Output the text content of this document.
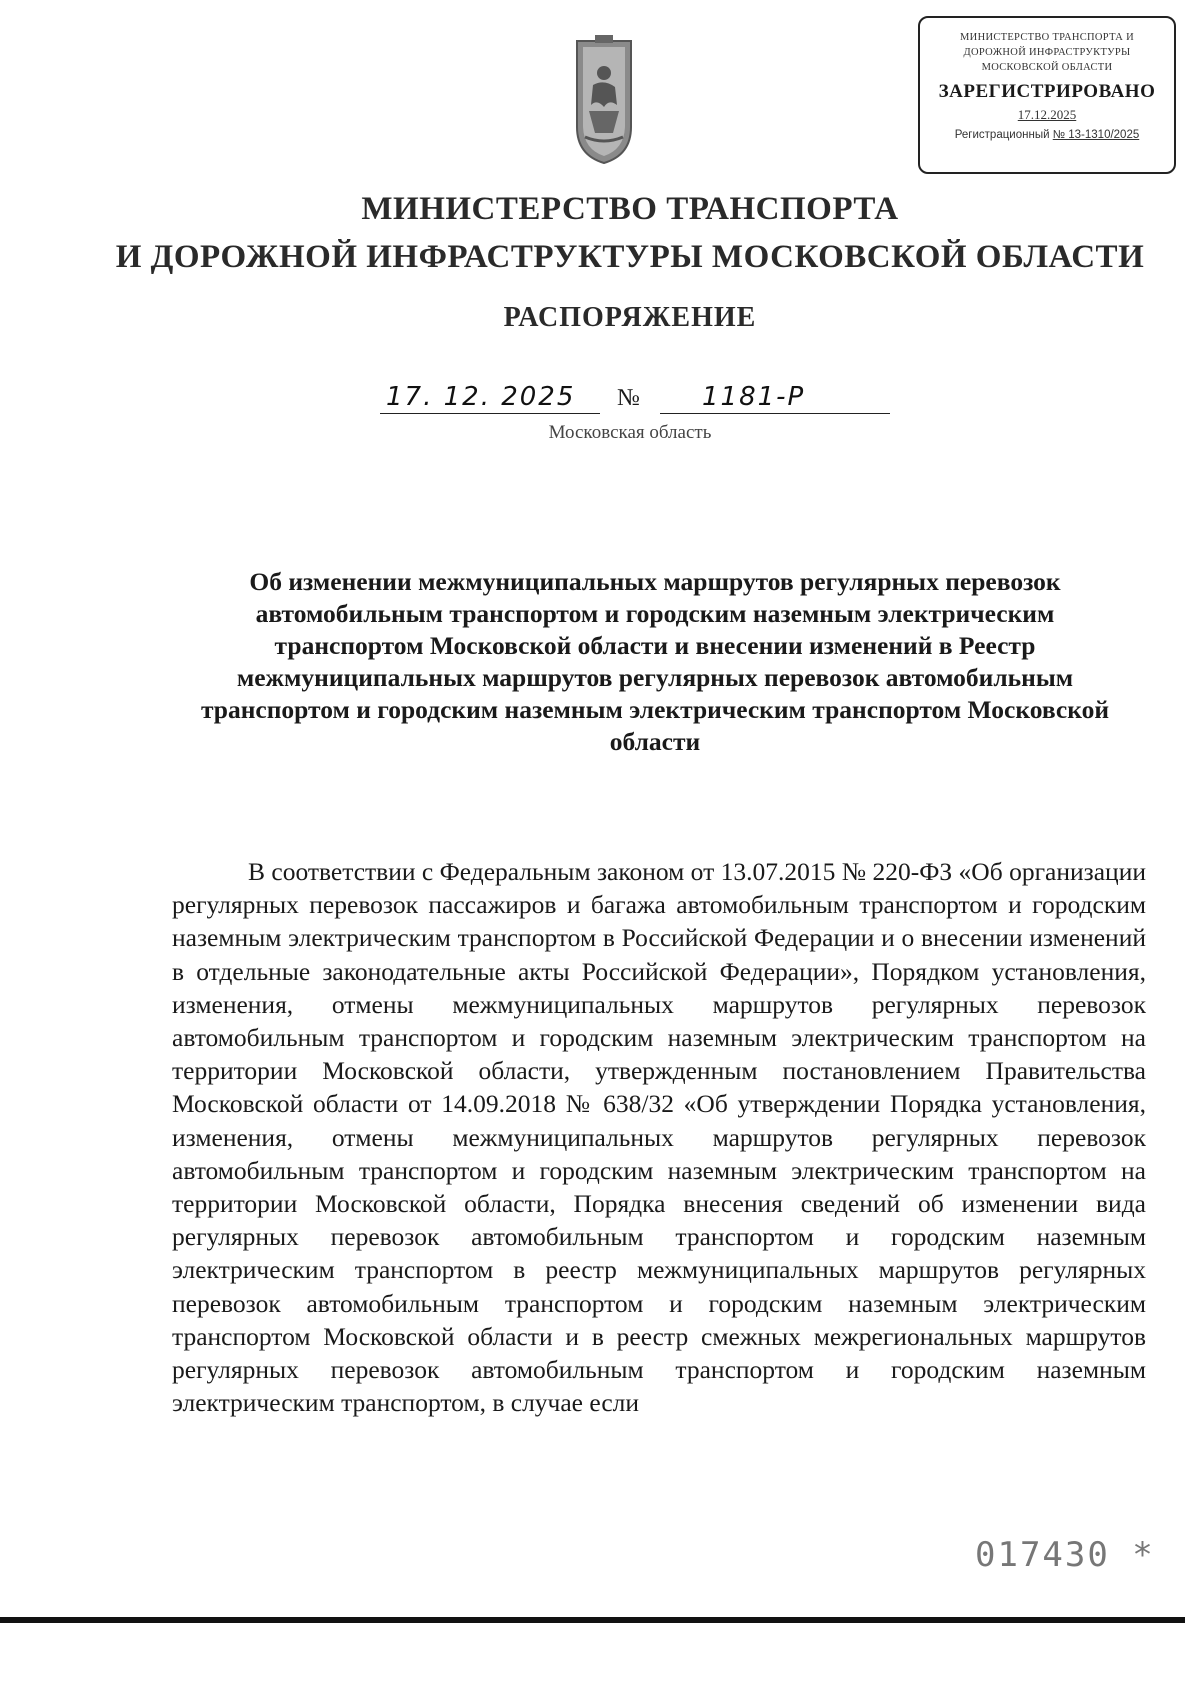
МИНИСТЕРСТВО ТРАНСПОРТА И ДОРОЖНОЙ ИНФРАСТРУКТУРЫ МОСКОВСКОЙ ОБЛАСТИ
ЗАРЕГИСТРИРОВАНО
17.12.2025
Регистрационный № 13-1310/2025
МИНИСТЕРСТВО ТРАНСПОРТА
И ДОРОЖНОЙ ИНФРАСТРУКТУРЫ МОСКОВСКОЙ ОБЛАСТИ
РАСПОРЯЖЕНИЕ
17. 12. 2025 № 1181-Р
Московская область
Об изменении межмуниципальных маршрутов регулярных перевозок автомобильным транспортом и городским наземным электрическим транспортом Московской области и внесении изменений в Реестр межмуниципальных маршрутов регулярных перевозок автомобильным транспортом и городским наземным электрическим транспортом Московской области
В соответствии с Федеральным законом от 13.07.2015 № 220-ФЗ «Об организации регулярных перевозок пассажиров и багажа автомобильным транспортом и городским наземным электрическим транспортом в Российской Федерации и о внесении изменений в отдельные законодательные акты Российской Федерации», Порядком установления, изменения, отмены межмуниципальных маршрутов регулярных перевозок автомобильным транспортом и городским наземным электрическим транспортом на территории Московской области, утвержденным постановлением Правительства Московской области от 14.09.2018 № 638/32 «Об утверждении Порядка установления, изменения, отмены межмуниципальных маршрутов регулярных перевозок автомобильным транспортом и городским наземным электрическим транспортом на территории Московской области, Порядка внесения сведений об изменении вида регулярных перевозок автомобильным транспортом и городским наземным электрическим транспортом в реестр межмуниципальных маршрутов регулярных перевозок автомобильным транспортом и городским наземным электрическим транспортом Московской области и в реестр смежных межрегиональных маршрутов регулярных перевозок автомобильным транспортом и городским наземным электрическим транспортом, в случае если
017430 *
